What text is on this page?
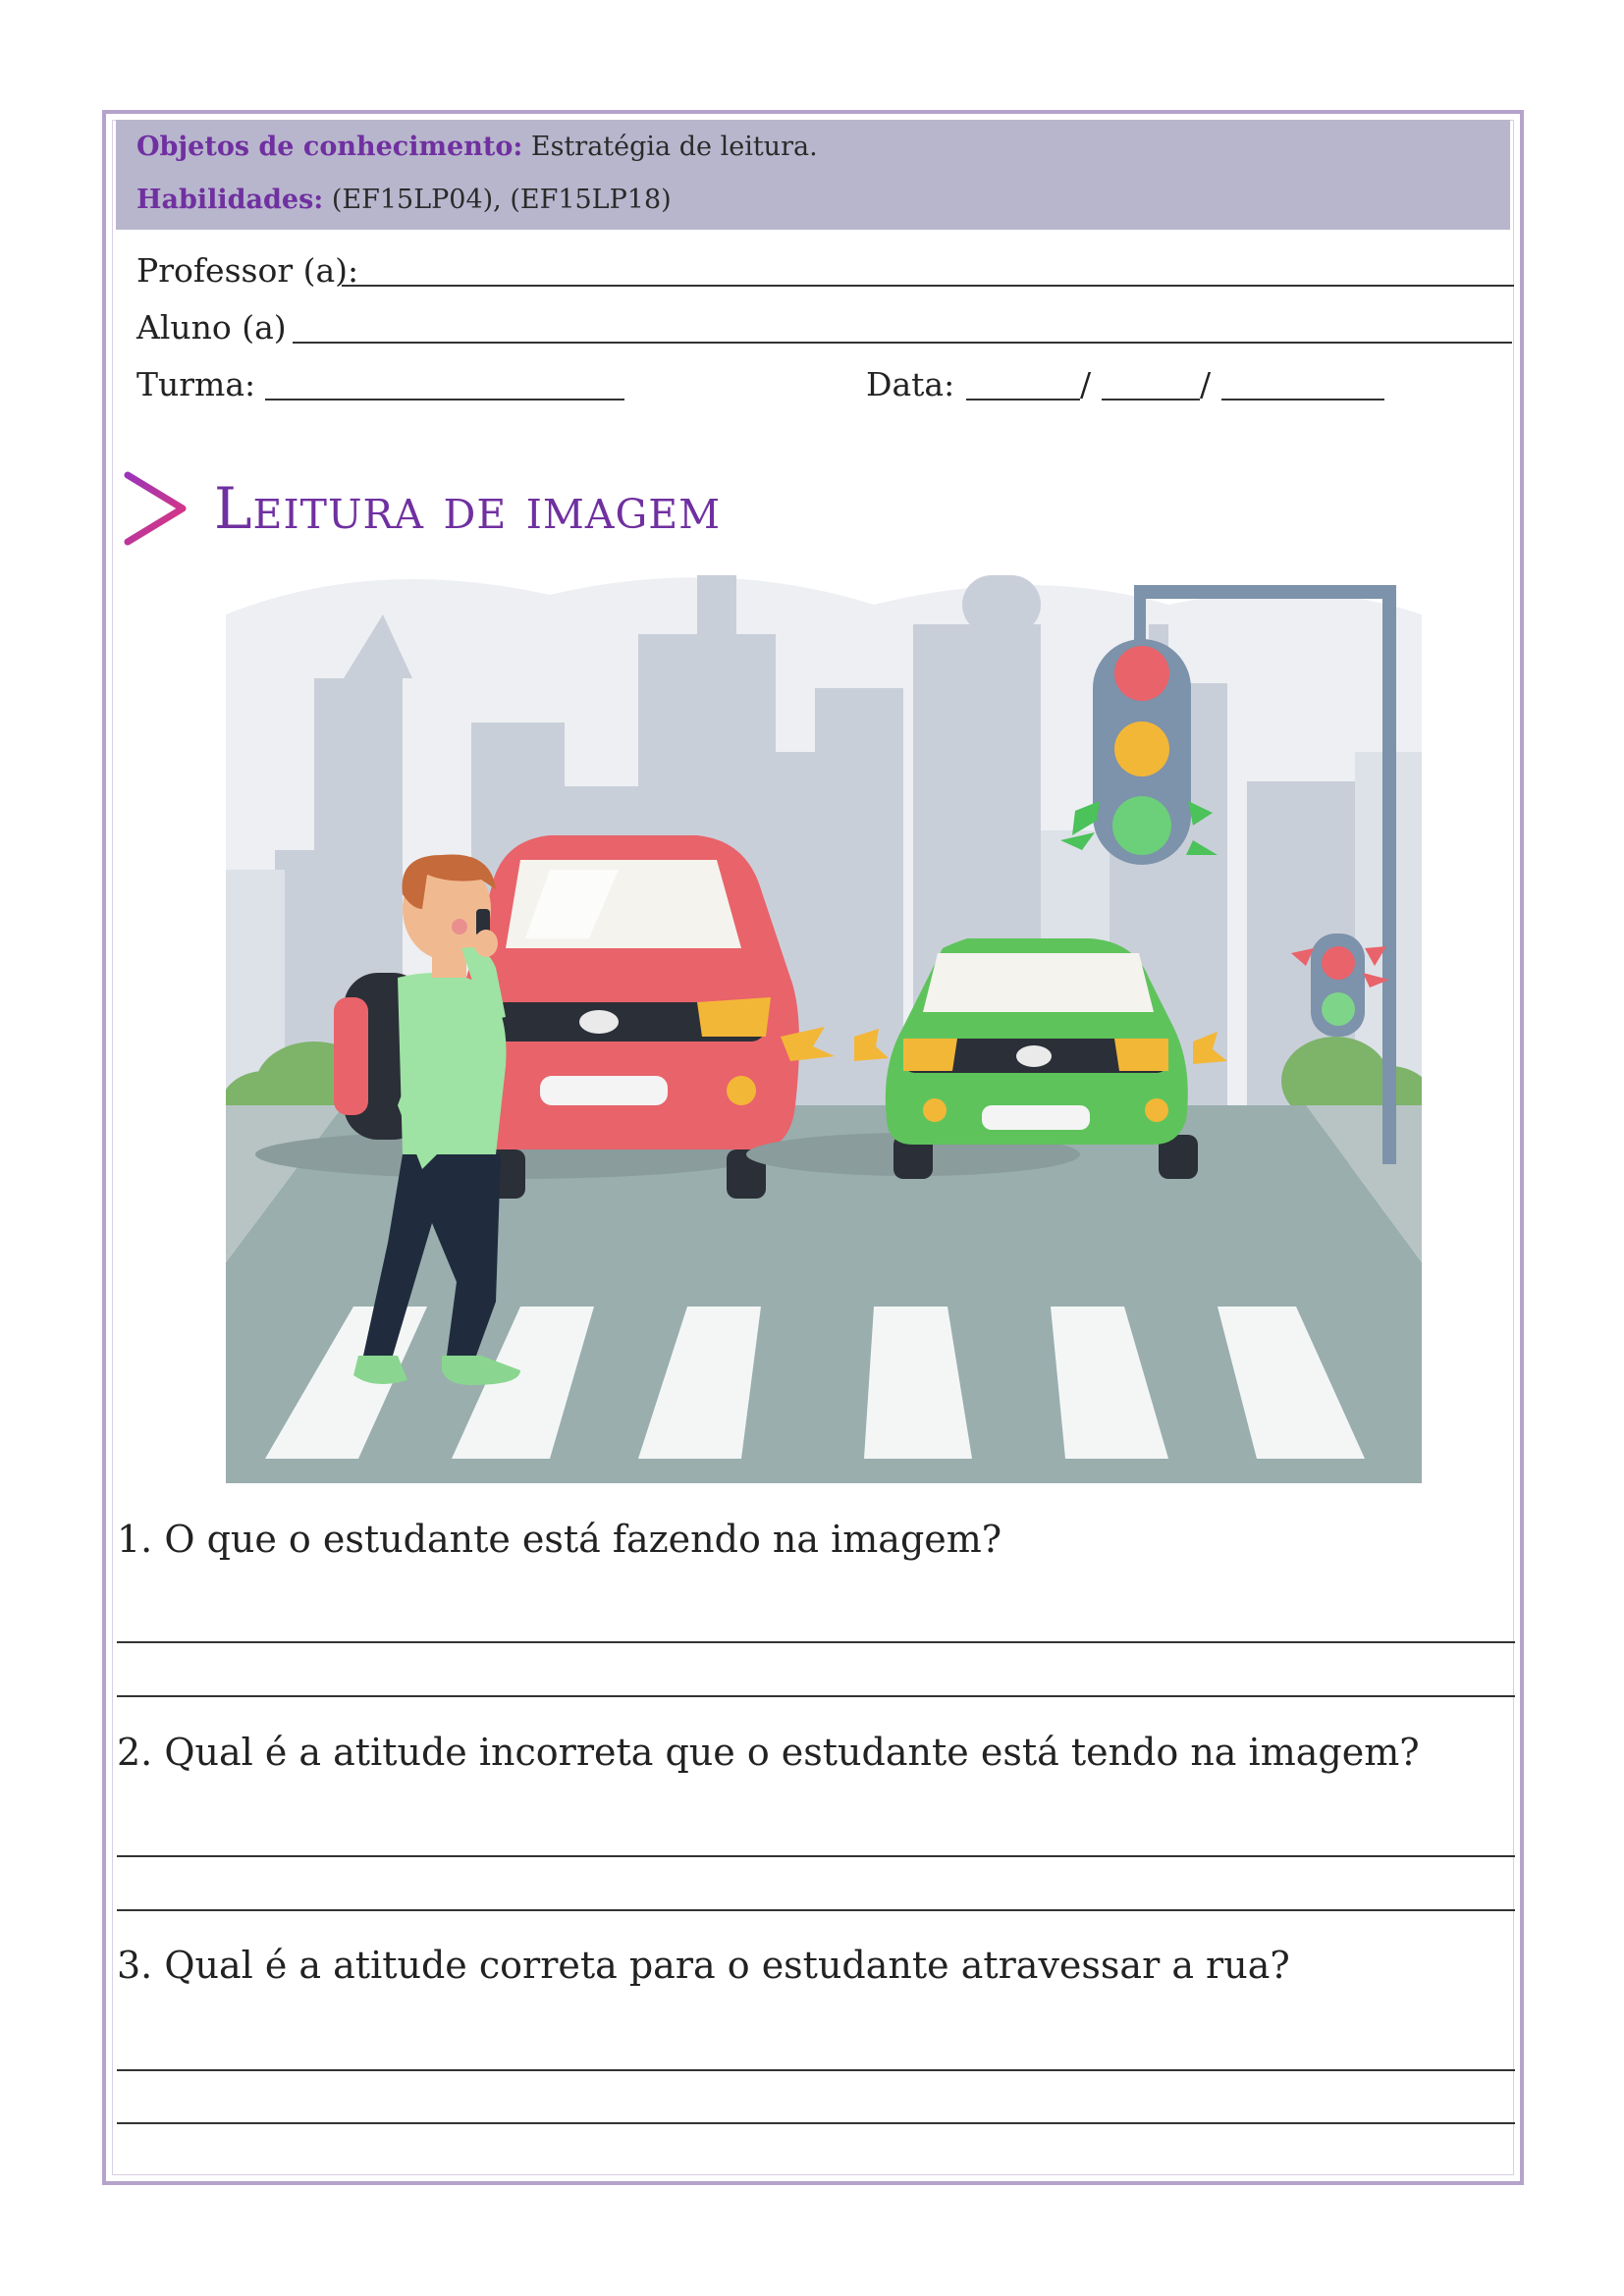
Objetos de conhecimento: Estratégia de leitura.
Habilidades: (EF15LP04), (EF15LP18)
Professor (a):
Aluno (a)
Turma:	Data:	/	/
Leitura de imagem
1. O que o estudante está fazendo na imagem?
2. Qual é a atitude incorreta que o estudante está tendo na imagem?
3. Qual é a atitude correta para o estudante atravessar a rua?
